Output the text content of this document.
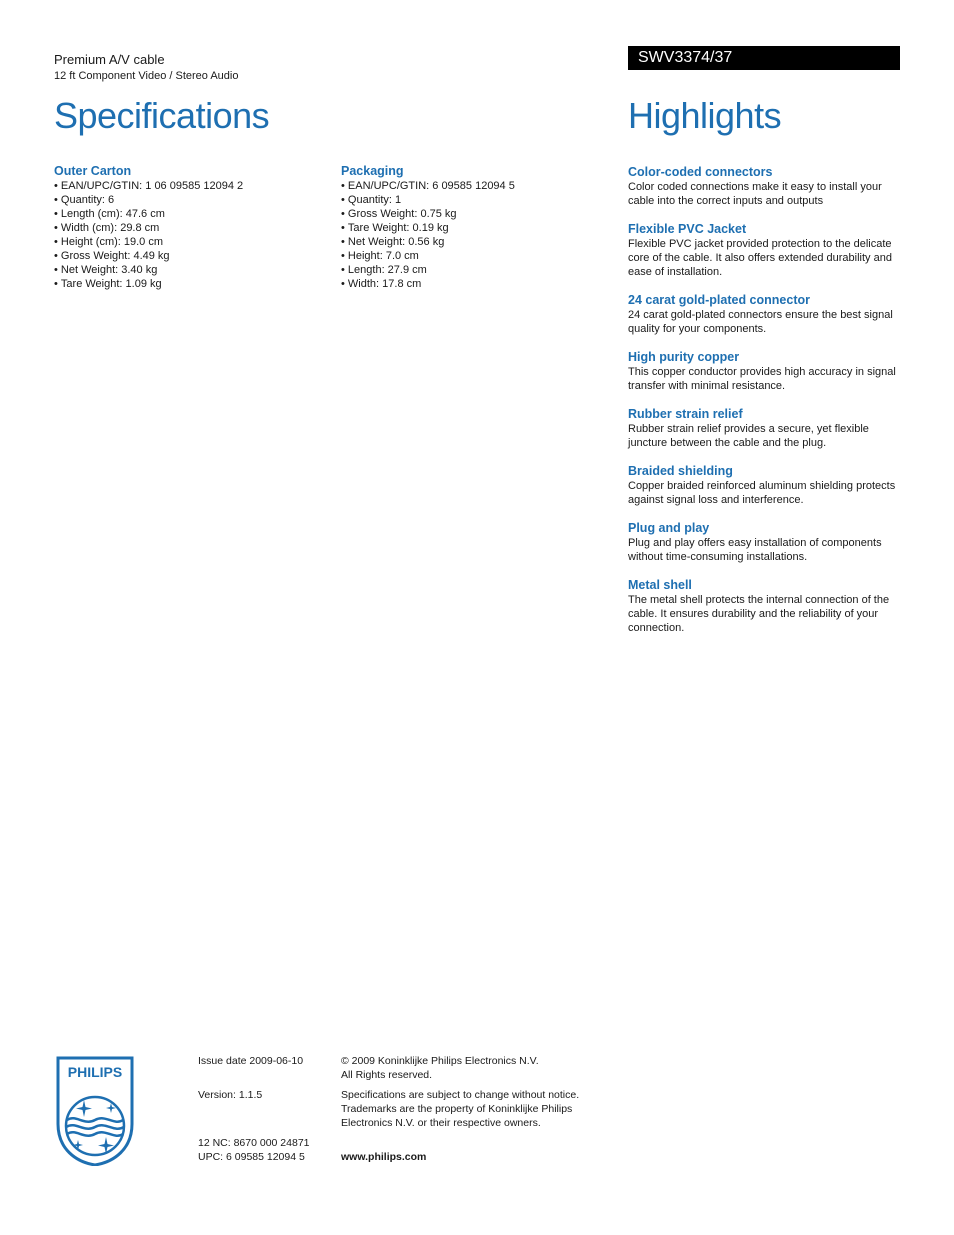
Premium A/V cable
12 ft Component Video / Stereo Audio
SWV3374/37
Specifications	Highlights

Outer Carton

• EAN/UPC/GTIN: 1 06 09585 12094 2
• Quantity: 6
• Length (cm): 47.6 cm
• Width (cm): 29.8 cm
• Height (cm): 19.0 cm
• Gross Weight: 4.49 kg
• Net Weight: 3.40 kg
• Tare Weight: 1.09 kg

Packaging

• EAN/UPC/GTIN: 6 09585 12094 5
• Quantity: 1
• Gross Weight: 0.75 kg
• Tare Weight: 0.19 kg
• Net Weight: 0.56 kg
• Height: 7.0 cm
• Length: 27.9 cm
• Width: 17.8 cm

Color-coded connectors

Color coded connections make it easy to install your cable into the correct inputs and outputs

Flexible PVC Jacket

Flexible PVC jacket provided protection to the delicate core of the cable. It also offers extended durability and ease of installation.

24 carat gold-plated connector

24 carat gold-plated connectors ensure the best signal quality for your components.

High purity copper

This copper conductor provides high accuracy in signal transfer with minimal resistance.

Rubber strain relief

Rubber strain relief provides a secure, yet flexible juncture between the cable and the plug.

Braided shielding

Copper braided reinforced aluminum shielding protects against signal loss and interference.

Plug and play

Plug and play offers easy installation of components without time-consuming installations.

Metal shell

The metal shell protects the internal connection of the cable. It ensures durability and the reliability of your connection.

PHILIPS

Issue date 2009-06-10

Version: 1.1.5

12 NC: 8670 000 24871

UPC: 6 09585 12094 5

© 2009 Koninklijke Philips Electronics N.V.

All Rights reserved.

Specifications are subject to change without notice.

Trademarks are the property of Koninklijke Philips

Electronics N.V. or their respective owners.

www.philips.com
